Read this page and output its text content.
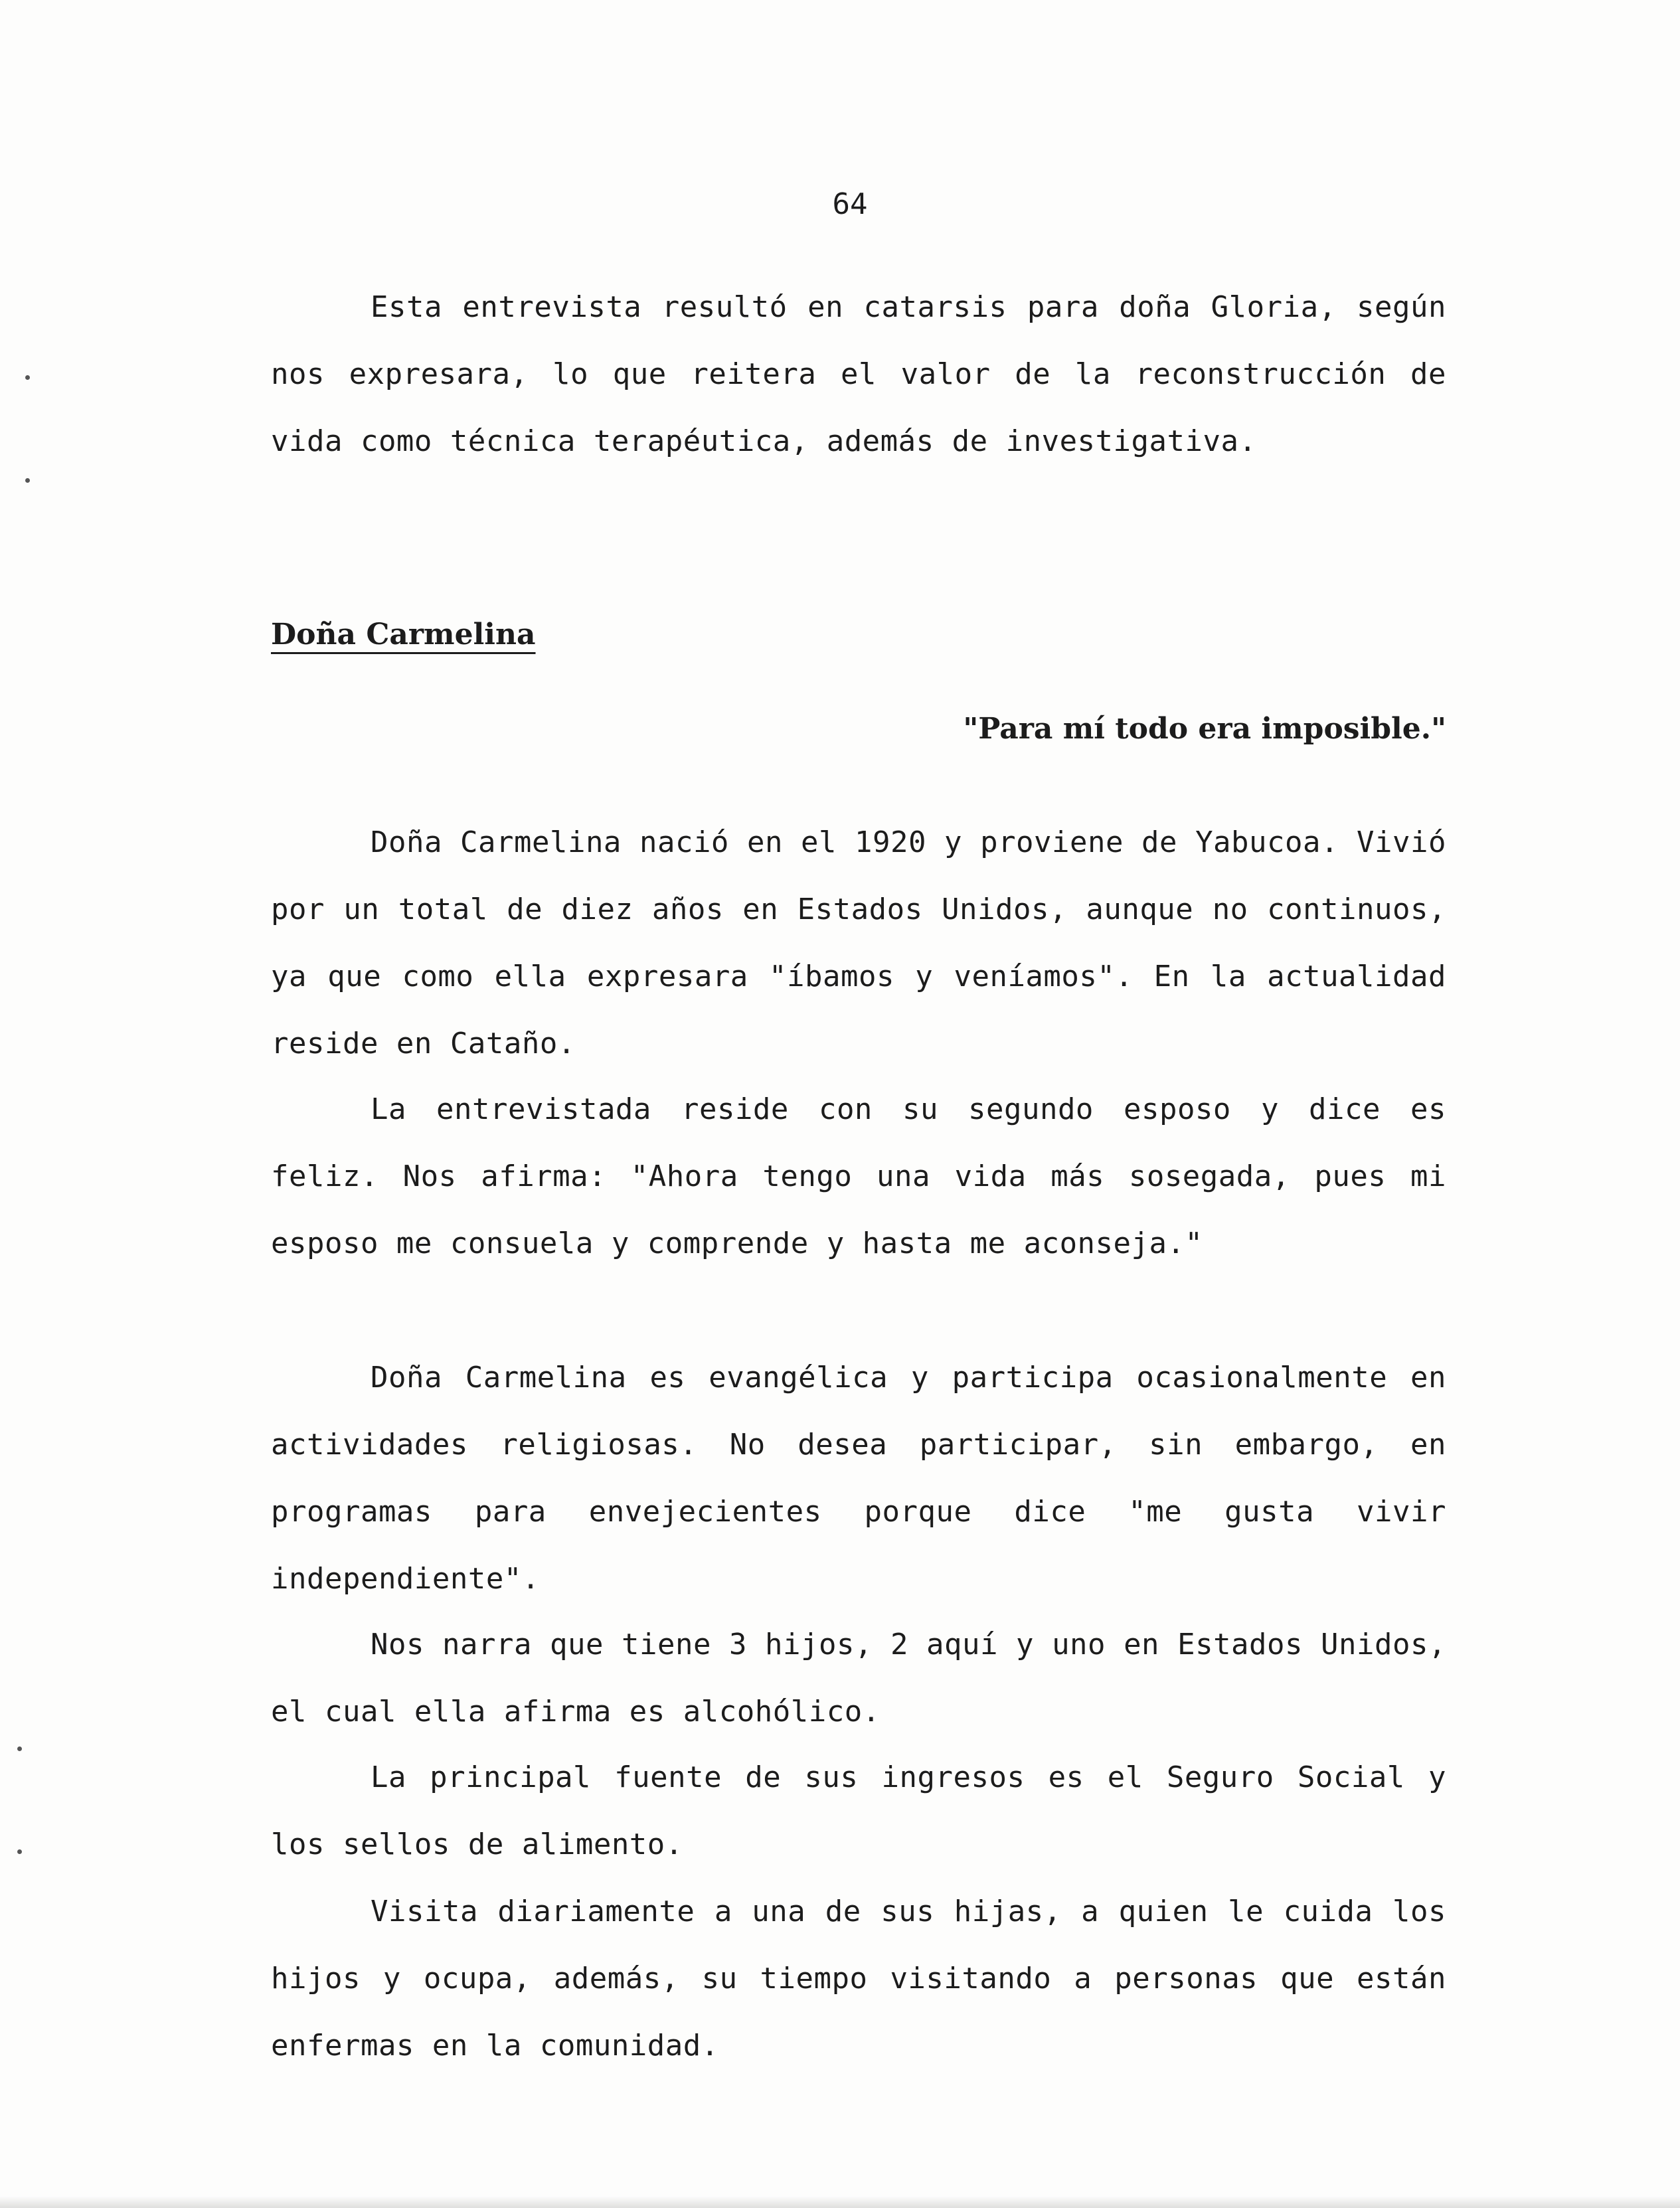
64

Esta entrevista resultó en catarsis para doña Gloria, según nos expresara, lo que reitera el valor de la reconstrucción de vida como técnica terapéutica, además de investigativa.

Doña Carmelina
"Para mí todo era imposible."

Doña Carmelina nació en el 1920 y proviene de Yabucoa. Vivió por un total de diez años en Estados Unidos, aunque no continuos, ya que como ella expresara "íbamos y veníamos". En la actualidad reside en Cataño.

La entrevistada reside con su segundo esposo y dice es feliz. Nos afirma: "Ahora tengo una vida más sosegada, pues mi esposo me consuela y comprende y hasta me aconseja."

Doña Carmelina es evangélica y participa ocasionalmente en actividades religiosas. No desea participar, sin embargo, en programas para envejecientes porque dice "me gusta vivir independiente".

Nos narra que tiene 3 hijos, 2 aquí y uno en Estados Unidos, el cual ella afirma es alcohólico.

La principal fuente de sus ingresos es el Seguro Social y los sellos de alimento.

Visita diariamente a una de sus hijas, a quien le cuida los hijos y ocupa, además, su tiempo visitando a personas que están enfermas en la comunidad.
